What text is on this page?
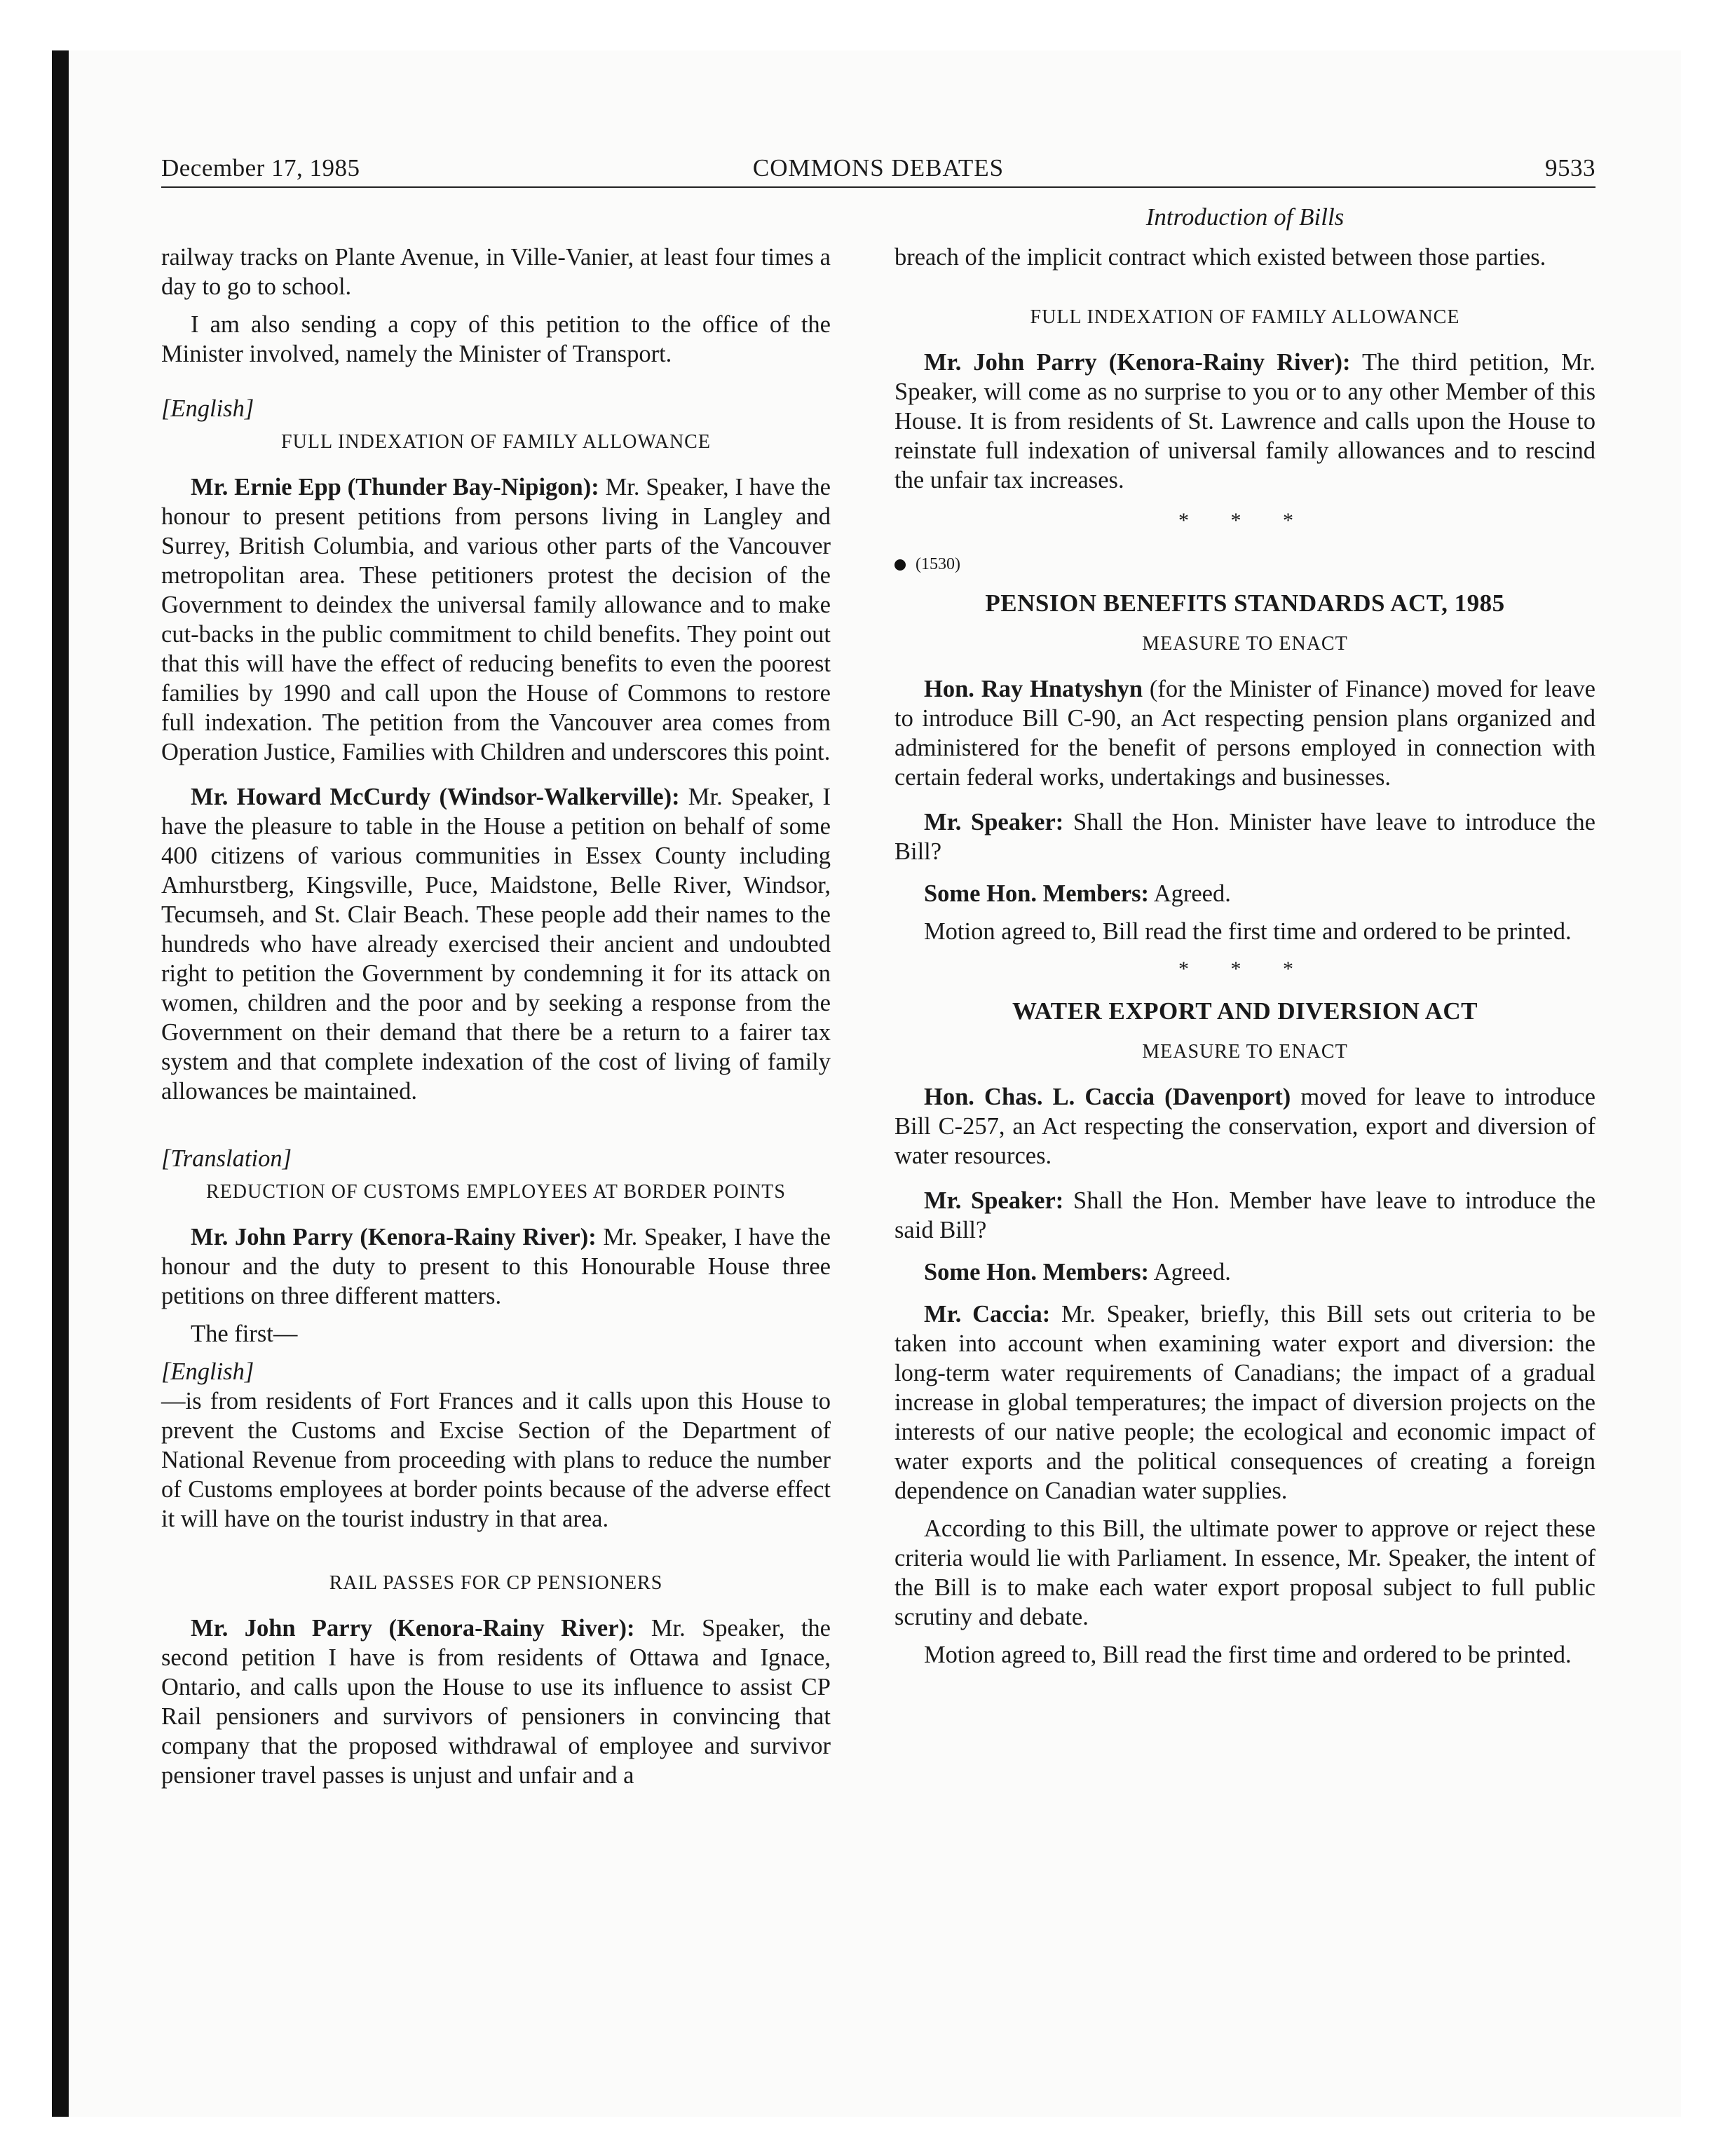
December 17, 1985	COMMONS DEBATES	9533
Introduction of Bills

railway tracks on Plante Avenue, in Ville-Vanier, at least four times a day to go to school.

I am also sending a copy of this petition to the office of the Minister involved, namely the Minister of Transport.

[English]
FULL INDEXATION OF FAMILY ALLOWANCE

Mr. Ernie Epp (Thunder Bay-Nipigon): Mr. Speaker, I have the honour to present petitions from persons living in Langley and Surrey, British Columbia, and various other parts of the Vancouver metropolitan area. These petitioners protest the decision of the Government to deindex the universal family allowance and to make cut-backs in the public commitment to child benefits. They point out that this will have the effect of reducing benefits to even the poorest families by 1990 and call upon the House of Commons to restore full indexation. The petition from the Vancouver area comes from Operation Justice, Families with Children and underscores this point.

Mr. Howard McCurdy (Windsor-Walkerville): Mr. Speaker, I have the pleasure to table in the House a petition on behalf of some 400 citizens of various communities in Essex County including Amhurstberg, Kingsville, Puce, Maidstone, Belle River, Windsor, Tecumseh, and St. Clair Beach. These people add their names to the hundreds who have already exercised their ancient and undoubted right to petition the Government by condemning it for its attack on women, children and the poor and by seeking a response from the Government on their demand that there be a return to a fairer tax system and that complete indexation of the cost of living of family allowances be maintained.

[Translation]
REDUCTION OF CUSTOMS EMPLOYEES AT BORDER POINTS

Mr. John Parry (Kenora-Rainy River): Mr. Speaker, I have the honour and the duty to present to this Honourable House three petitions on three different matters.

The first—

[English]

—is from residents of Fort Frances and it calls upon this House to prevent the Customs and Excise Section of the Department of National Revenue from proceeding with plans to reduce the number of Customs employees at border points because of the adverse effect it will have on the tourist industry in that area.

RAIL PASSES FOR CP PENSIONERS

Mr. John Parry (Kenora-Rainy River): Mr. Speaker, the second petition I have is from residents of Ottawa and Ignace, Ontario, and calls upon the House to use its influence to assist CP Rail pensioners and survivors of pensioners in convincing that company that the proposed withdrawal of employee and survivor pensioner travel passes is unjust and unfair and a

breach of the implicit contract which existed between those parties.

FULL INDEXATION OF FAMILY ALLOWANCE

Mr. John Parry (Kenora-Rainy River): The third petition, Mr. Speaker, will come as no surprise to you or to any other Member of this House. It is from residents of St. Lawrence and calls upon the House to reinstate full indexation of universal family allowances and to rescind the unfair tax increases.

* * *
(1530)
PENSION BENEFITS STANDARDS ACT, 1985
MEASURE TO ENACT

Hon. Ray Hnatyshyn (for the Minister of Finance) moved for leave to introduce Bill C-90, an Act respecting pension plans organized and administered for the benefit of persons employed in connection with certain federal works, undertakings and businesses.

Mr. Speaker: Shall the Hon. Minister have leave to introduce the Bill?

Some Hon. Members: Agreed.

Motion agreed to, Bill read the first time and ordered to be printed.

* * *
WATER EXPORT AND DIVERSION ACT
MEASURE TO ENACT

Hon. Chas. L. Caccia (Davenport) moved for leave to introduce Bill C-257, an Act respecting the conservation, export and diversion of water resources.

Mr. Speaker: Shall the Hon. Member have leave to introduce the said Bill?

Some Hon. Members: Agreed.

Mr. Caccia: Mr. Speaker, briefly, this Bill sets out criteria to be taken into account when examining water export and diversion: the long-term water requirements of Canadians; the impact of a gradual increase in global temperatures; the impact of diversion projects on the interests of our native people; the ecological and economic impact of water exports and the political consequences of creating a foreign dependence on Canadian water supplies.

According to this Bill, the ultimate power to approve or reject these criteria would lie with Parliament. In essence, Mr. Speaker, the intent of the Bill is to make each water export proposal subject to full public scrutiny and debate.

Motion agreed to, Bill read the first time and ordered to be printed.
